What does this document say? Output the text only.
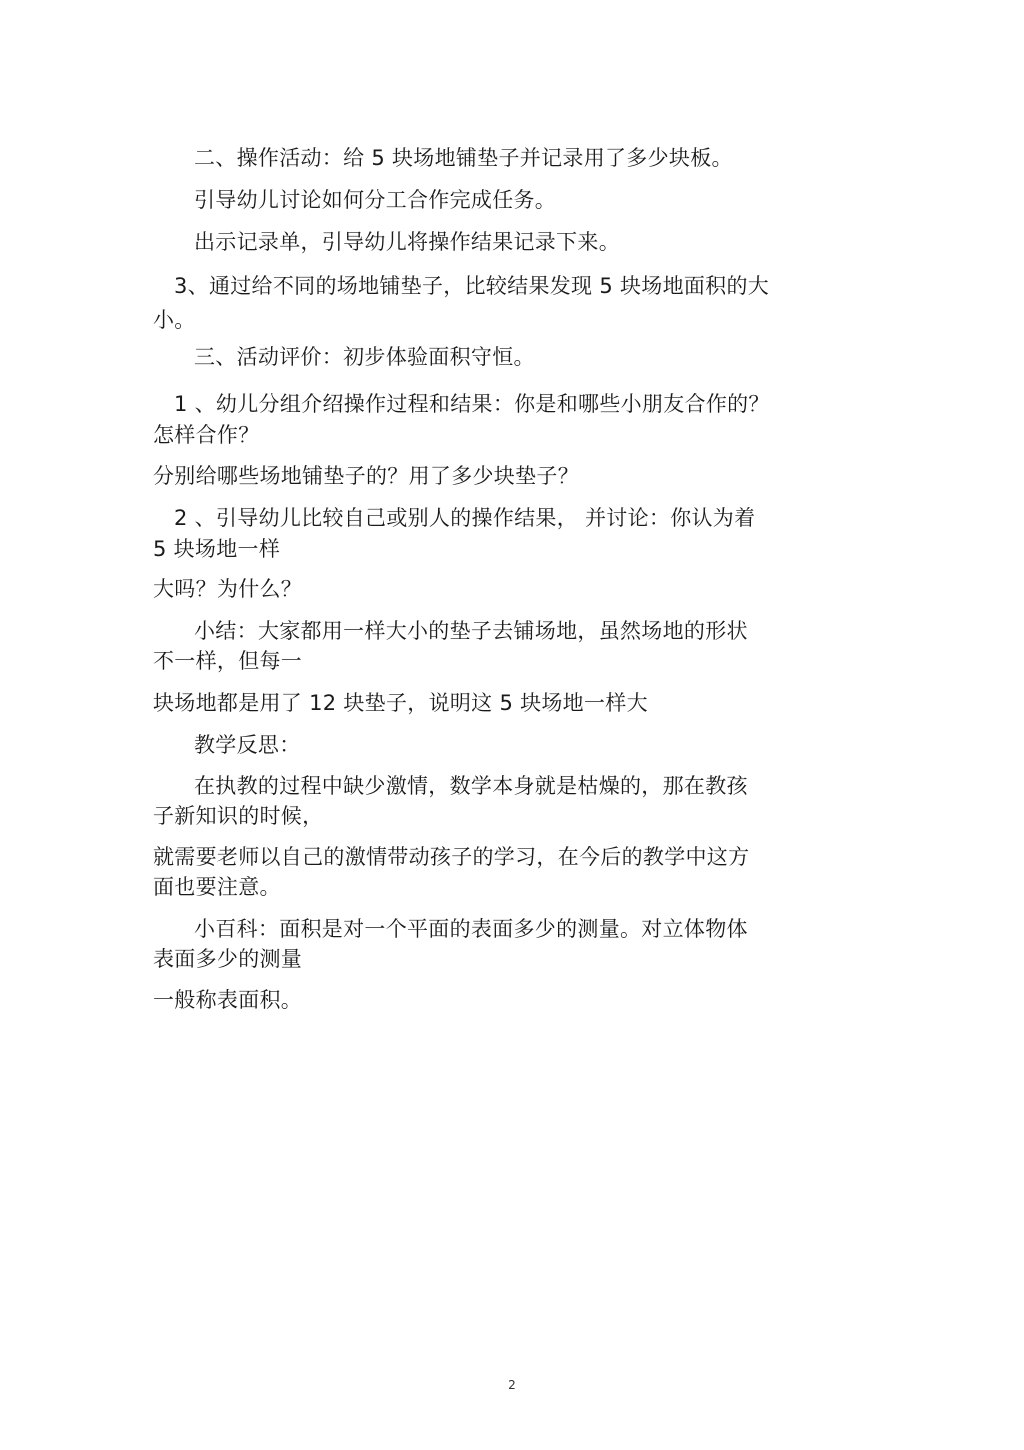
二、操作活动：给 5 块场地铺垫子并记录用了多少块板。
引导幼儿讨论如何分工合作完成任务。
出示记录单，引导幼儿将操作结果记录下来。
3、通过给不同的场地铺垫子，比较结果发现 5 块场地面积的大
小。
三、活动评价：初步体验面积守恒。
1 、幼儿分组介绍操作过程和结果：你是和哪些小朋友合作的？
怎样合作？
分别给哪些场地铺垫子的？用了多少块垫子？
2 、引导幼儿比较自己或别人的操作结果， 并讨论：你认为着
5 块场地一样
大吗？为什么？
小结：大家都用一样大小的垫子去铺场地，虽然场地的形状
不一样，但每一
块场地都是用了 12 块垫子，说明这 5 块场地一样大
教学反思：
在执教的过程中缺少激情，数学本身就是枯燥的，那在教孩
子新知识的时候，
就需要老师以自己的激情带动孩子的学习，在今后的教学中这方
面也要注意。
小百科：面积是对一个平面的表面多少的测量。对立体物体
表面多少的测量
一般称表面积。
2
